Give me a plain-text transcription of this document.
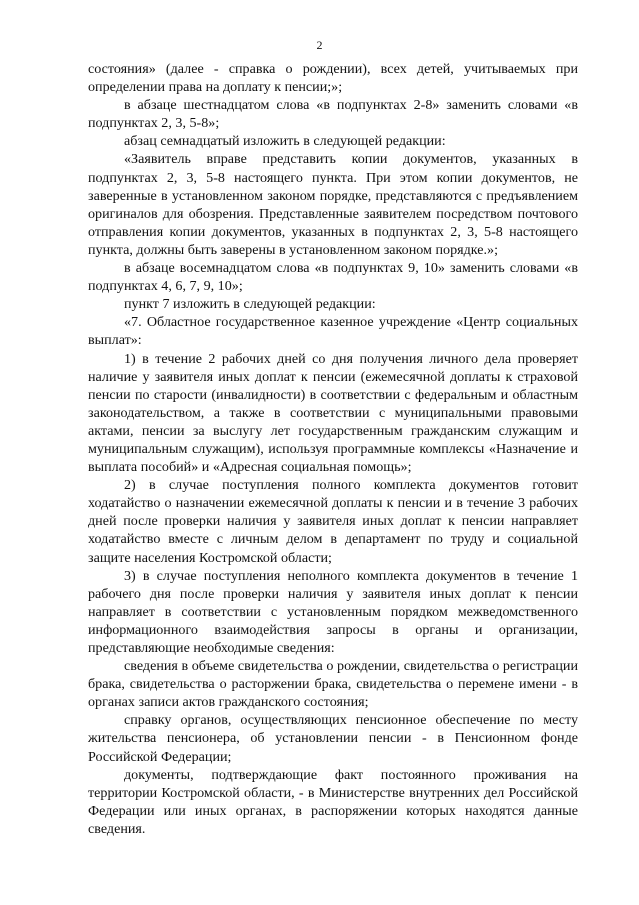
2

состояния» (далее - справка о рождении), всех детей, учитываемых при определении права на доплату к пенсии;»;

в абзаце шестнадцатом слова «в подпунктах 2-8» заменить словами «в подпунктах 2, 3, 5-8»;

абзац семнадцатый изложить в следующей редакции:

«Заявитель вправе представить копии документов, указанных в подпунктах 2, 3, 5-8 настоящего пункта. При этом копии документов, не заверенные в установленном законом порядке, представляются с предъявлением оригиналов для обозрения. Представленные заявителем посредством почтового отправления копии документов, указанных в подпунктах 2, 3, 5-8 настоящего пункта, должны быть заверены в установленном законом порядке.»;

в абзаце восемнадцатом слова «в подпунктах 9, 10» заменить словами «в подпунктах 4, 6, 7, 9, 10»;

пункт 7 изложить в следующей редакции:

«7. Областное государственное казенное учреждение «Центр социальных выплат»:

1) в течение 2 рабочих дней со дня получения личного дела проверяет наличие у заявителя иных доплат к пенсии (ежемесячной доплаты к страховой пенсии по старости (инвалидности) в соответствии с федеральным и областным законодательством, а также в соответствии с муниципальными правовыми актами, пенсии за выслугу лет государственным гражданским служащим и муниципальным служащим), используя программные комплексы «Назначение и выплата пособий» и «Адресная социальная помощь»;

2) в случае поступления полного комплекта документов готовит ходатайство о назначении ежемесячной доплаты к пенсии и в течение 3 рабочих дней после проверки наличия у заявителя иных доплат к пенсии направляет ходатайство вместе с личным делом в департамент по труду и социальной защите населения Костромской области;

3) в случае поступления неполного комплекта документов в течение 1 рабочего дня после проверки наличия у заявителя иных доплат к пенсии направляет в соответствии с установленным порядком межведомственного информационного взаимодействия запросы в органы и организации, представляющие необходимые сведения:

сведения в объеме свидетельства о рождении, свидетельства о регистрации брака, свидетельства о расторжении брака, свидетельства о перемене имени - в органах записи актов гражданского состояния;

справку органов, осуществляющих пенсионное обеспечение по месту жительства пенсионера, об установлении пенсии - в Пенсионном фонде Российской Федерации;

документы, подтверждающие факт постоянного проживания на территории Костромской области, - в Министерстве внутренних дел Российской Федерации или иных органах, в распоряжении которых находятся данные сведения.
